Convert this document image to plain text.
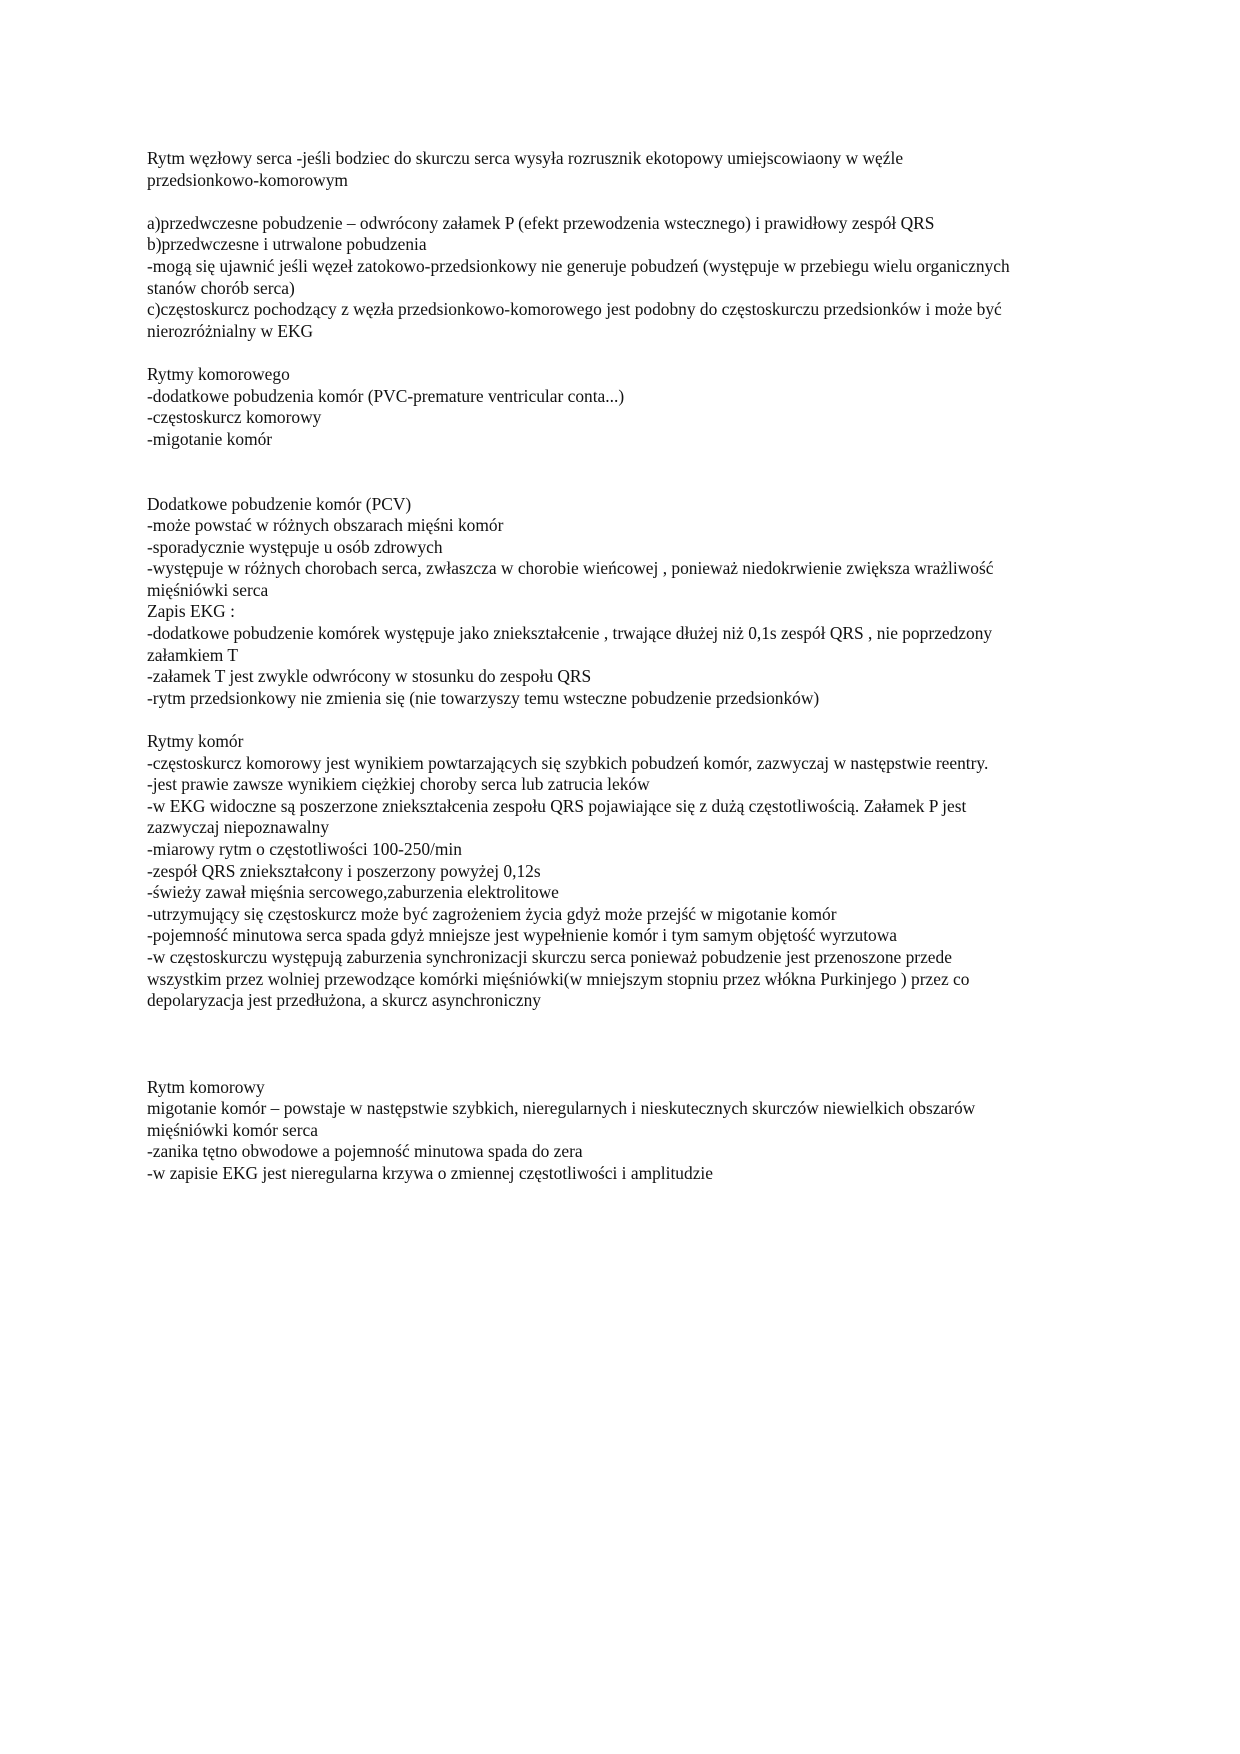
Rytm węzłowy serca -jeśli bodziec do skurczu serca wysyła rozrusznik ekotopowy umiejscowiaony w węźle
przedsionkowo-komorowym
a)przedwczesne pobudzenie – odwrócony załamek P (efekt przewodzenia wstecznego) i prawidłowy zespół QRS
b)przedwczesne i utrwalone pobudzenia
-mogą się ujawnić jeśli węzeł zatokowo-przedsionkowy nie generuje pobudzeń (występuje w przebiegu wielu organicznych
stanów chorób serca)
c)częstoskurcz pochodzący z węzła przedsionkowo-komorowego jest podobny do częstoskurczu przedsionków i może być
nierozróżnialny w EKG
Rytmy komorowego
-dodatkowe pobudzenia komór (PVC-premature ventricular conta...)
-częstoskurcz komorowy
-migotanie komór
Dodatkowe pobudzenie komór (PCV)
-może powstać w różnych obszarach mięśni komór
-sporadycznie występuje u osób zdrowych
-występuje w różnych chorobach serca, zwłaszcza w chorobie wieńcowej , ponieważ niedokrwienie zwiększa wrażliwość
mięśniówki serca
Zapis EKG :
-dodatkowe pobudzenie komórek występuje jako zniekształcenie , trwające dłużej niż 0,1s zespół QRS , nie poprzedzony
załamkiem T
-załamek T jest zwykle odwrócony w stosunku do zespołu QRS
-rytm przedsionkowy nie zmienia się (nie towarzyszy temu wsteczne pobudzenie przedsionków)
Rytmy komór
-częstoskurcz komorowy jest wynikiem powtarzających się szybkich pobudzeń komór, zazwyczaj w następstwie reentry.
-jest prawie zawsze wynikiem ciężkiej choroby serca lub zatrucia leków
-w EKG widoczne są poszerzone zniekształcenia zespołu QRS pojawiające się z dużą częstotliwością. Załamek P jest
zazwyczaj niepoznawalny
-miarowy rytm o częstotliwości 100-250/min
-zespół QRS zniekształcony i poszerzony powyżej 0,12s
-świeży zawał mięśnia sercowego,zaburzenia elektrolitowe
-utrzymujący się częstoskurcz może być zagrożeniem życia gdyż może przejść w migotanie komór
-pojemność minutowa serca spada gdyż mniejsze jest wypełnienie komór i tym samym objętość wyrzutowa
-w częstoskurczu występują zaburzenia synchronizacji skurczu serca ponieważ pobudzenie jest przenoszone przede
wszystkim przez wolniej przewodzące komórki mięśniówki(w mniejszym stopniu przez włókna Purkinjego ) przez co
depolaryzacja jest przedłużona, a skurcz asynchroniczny
Rytm komorowy
migotanie komór – powstaje w następstwie szybkich, nieregularnych i nieskutecznych skurczów niewielkich obszarów
mięśniówki komór serca
-zanika tętno obwodowe a pojemność minutowa spada do zera
-w zapisie EKG jest nieregularna krzywa o zmiennej częstotliwości i amplitudzie
